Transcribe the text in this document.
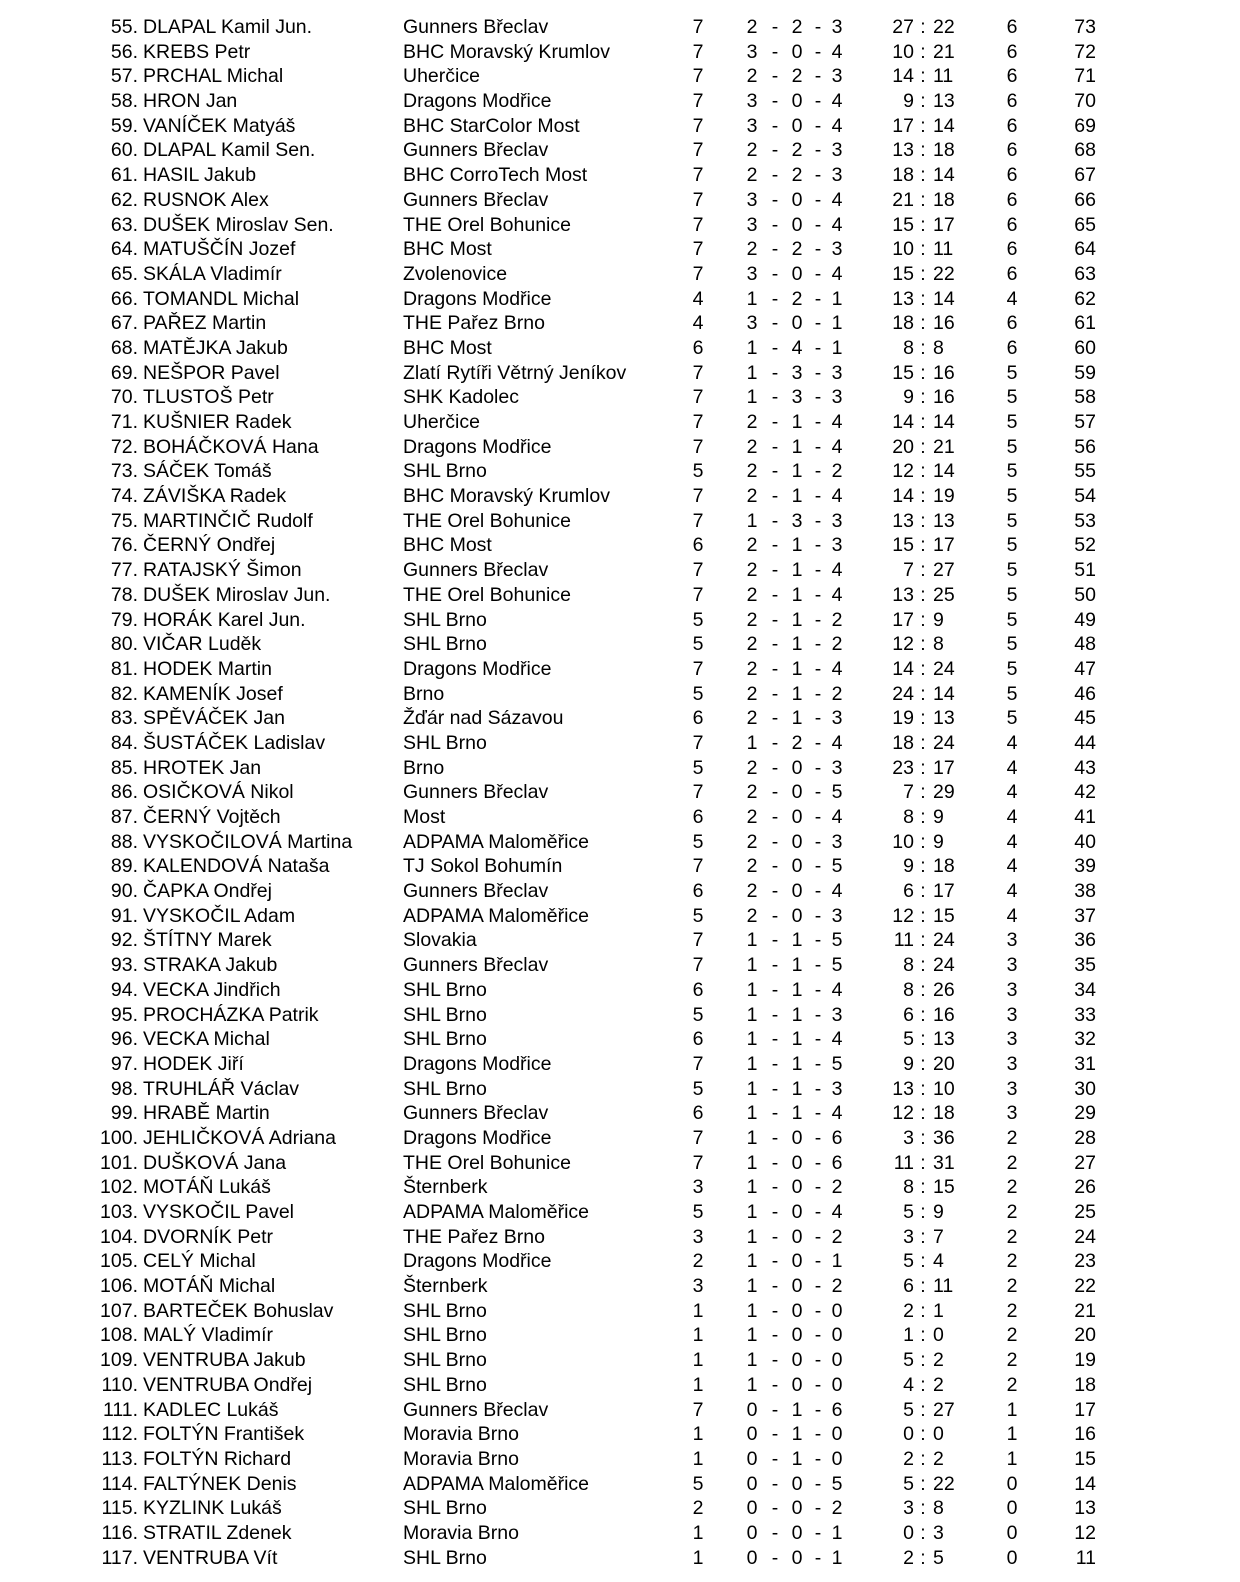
55. DLAPAL Kamil Jun.	Gunners Břeclav	7 2 - 2 - 3	27 : 22	6	73
56. KREBS Petr	BHC Moravský Krumlov	7 3 - 0 - 4	10 : 21	6	72
57. PRCHAL Michal	Uherčice	7 2 - 2 - 3	14 : 11	6	71
58. HRON Jan	Dragons Modřice	7 3 - 0 - 4	9 : 13	6	70
59. VANÍČEK Matyáš	BHC StarColor Most	7 3 - 0 - 4	17 : 14	6	69
60. DLAPAL Kamil Sen.	Gunners Břeclav	7 2 - 2 - 3	13 : 18	6	68
61. HASIL Jakub	BHC CorroTech Most	7 2 - 2 - 3	18 : 14	6	67
62. RUSNOK Alex	Gunners Břeclav	7 3 - 0 - 4	21 : 18	6	66
63. DUŠEK Miroslav Sen.	THE Orel Bohunice	7 3 - 0 - 4	15 : 17	6	65
64. MATUŠČÍN Jozef	BHC Most	7 2 - 2 - 3	10 : 11	6	64
65. SKÁLA Vladimír	Zvolenovice	7 3 - 0 - 4	15 : 22	6	63
66. TOMANDL Michal	Dragons Modřice	4 1 - 2 - 1	13 : 14	4	62
67. PAŘEZ Martin	THE Pařez Brno	4 3 - 0 - 1	18 : 16	6	61
68. MATĚJKA Jakub	BHC Most	6 1 - 4 - 1	8 : 8	6	60
69. NEŠPOR Pavel	Zlatí Rytíři Větrný Jeníkov	7 1 - 3 - 3	15 : 16	5	59
70. TLUSTOŠ Petr	SHK Kadolec	7 1 - 3 - 3	9 : 16	5	58
71. KUŠNIER Radek	Uherčice	7 2 - 1 - 4	14 : 14	5	57
72. BOHÁČKOVÁ Hana	Dragons Modřice	7 2 - 1 - 4	20 : 21	5	56
73. SÁČEK Tomáš	SHL Brno	5 2 - 1 - 2	12 : 14	5	55
74. ZÁVIŠKA Radek	BHC Moravský Krumlov	7 2 - 1 - 4	14 : 19	5	54
75. MARTINČIČ Rudolf	THE Orel Bohunice	7 1 - 3 - 3	13 : 13	5	53
76. ČERNÝ Ondřej	BHC Most	6 2 - 1 - 3	15 : 17	5	52
77. RATAJSKÝ Šimon	Gunners Břeclav	7 2 - 1 - 4	7 : 27	5	51
78. DUŠEK Miroslav Jun.	THE Orel Bohunice	7 2 - 1 - 4	13 : 25	5	50
79. HORÁK Karel Jun.	SHL Brno	5 2 - 1 - 2	17 : 9	5	49
80. VIČAR Luděk	SHL Brno	5 2 - 1 - 2	12 : 8	5	48
81. HODEK Martin	Dragons Modřice	7 2 - 1 - 4	14 : 24	5	47
82. KAMENÍK Josef	Brno	5 2 - 1 - 2	24 : 14	5	46
83. SPĚVÁČEK Jan	Žďár nad Sázavou	6 2 - 1 - 3	19 : 13	5	45
84. ŠUSTÁČEK Ladislav	SHL Brno	7 1 - 2 - 4	18 : 24	4	44
85. HROTEK Jan	Brno	5 2 - 0 - 3	23 : 17	4	43
86. OSIČKOVÁ Nikol	Gunners Břeclav	7 2 - 0 - 5	7 : 29	4	42
87. ČERNÝ Vojtěch	Most	6 2 - 0 - 4	8 : 9	4	41
88. VYSKOČILOVÁ Martina	ADPAMA Maloměřice	5 2 - 0 - 3	10 : 9	4	40
89. KALENDOVÁ Nataša	TJ Sokol Bohumín	7 2 - 0 - 5	9 : 18	4	39
90. ČAPKA Ondřej	Gunners Břeclav	6 2 - 0 - 4	6 : 17	4	38
91. VYSKOČIL Adam	ADPAMA Maloměřice	5 2 - 0 - 3	12 : 15	4	37
92. ŠTÍTNY Marek	Slovakia	7 1 - 1 - 5	11 : 24	3	36
93. STRAKA Jakub	Gunners Břeclav	7 1 - 1 - 5	8 : 24	3	35
94. VECKA Jindřich	SHL Brno	6 1 - 1 - 4	8 : 26	3	34
95. PROCHÁZKA Patrik	SHL Brno	5 1 - 1 - 3	6 : 16	3	33
96. VECKA Michal	SHL Brno	6 1 - 1 - 4	5 : 13	3	32
97. HODEK Jiří	Dragons Modřice	7 1 - 1 - 5	9 : 20	3	31
98. TRUHLÁŘ Václav	SHL Brno	5 1 - 1 - 3	13 : 10	3	30
99. HRABĚ Martin	Gunners Břeclav	6 1 - 1 - 4	12 : 18	3	29
100. JEHLIČKOVÁ Adriana	Dragons Modřice	7 1 - 0 - 6	3 : 36	2	28
101. DUŠKOVÁ Jana	THE Orel Bohunice	7 1 - 0 - 6	11 : 31	2	27
102. MOTÁŇ Lukáš	Šternberk	3 1 - 0 - 2	8 : 15	2	26
103. VYSKOČIL Pavel	ADPAMA Maloměřice	5 1 - 0 - 4	5 : 9	2	25
104. DVORNÍK Petr	THE Pařez Brno	3 1 - 0 - 2	3 : 7	2	24
105. CELÝ Michal	Dragons Modřice	2 1 - 0 - 1	5 : 4	2	23
106. MOTÁŇ Michal	Šternberk	3 1 - 0 - 2	6 : 11	2	22
107. BARTEČEK Bohuslav	SHL Brno	1 1 - 0 - 0	2 : 1	2	21
108. MALÝ Vladimír	SHL Brno	1 1 - 0 - 0	1 : 0	2	20
109. VENTRUBA Jakub	SHL Brno	1 1 - 0 - 0	5 : 2	2	19
110. VENTRUBA Ondřej	SHL Brno	1 1 - 0 - 0	4 : 2	2	18
111. KADLEC Lukáš	Gunners Břeclav	7 0 - 1 - 6	5 : 27	1	17
112. FOLTÝN František	Moravia Brno	1 0 - 1 - 0	0 : 0	1	16
113. FOLTÝN Richard	Moravia Brno	1 0 - 1 - 0	2 : 2	1	15
114. FALTÝNEK Denis	ADPAMA Maloměřice	5 0 - 0 - 5	5 : 22	0	14
115. KYZLINK Lukáš	SHL Brno	2 0 - 0 - 2	3 : 8	0	13
116. STRATIL Zdenek	Moravia Brno	1 0 - 0 - 1	0 : 3	0	12
117. VENTRUBA Vít	SHL Brno	1 0 - 0 - 1	2 : 5	0	11
